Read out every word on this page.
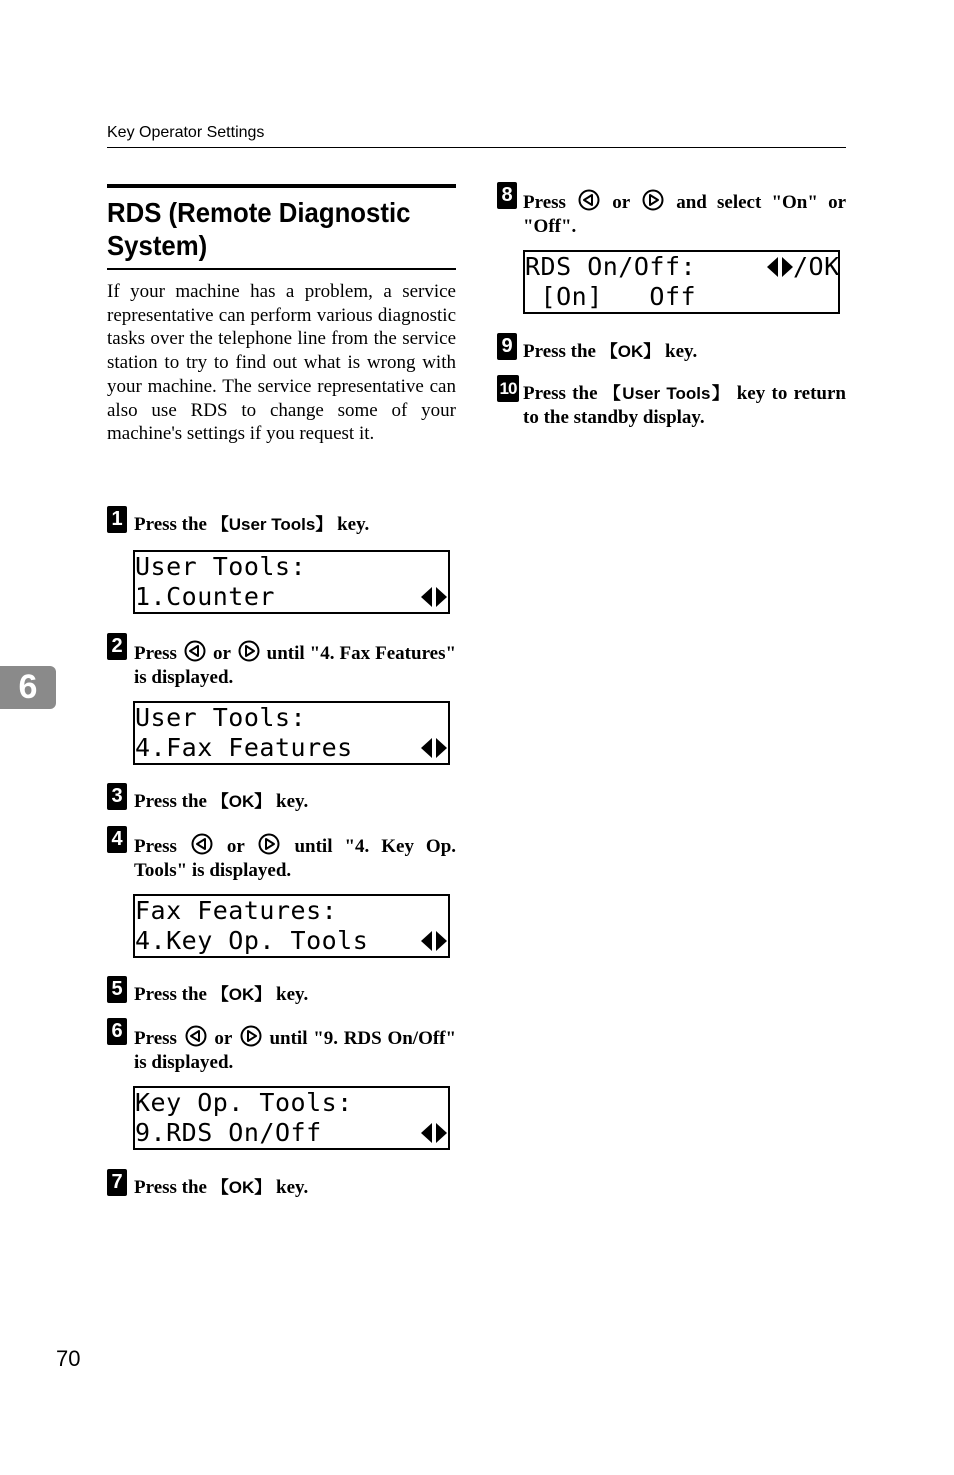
Key Operator Settings
RDS (Remote Diagnostic System)
If your machine has a problem, a service representative can perform various diagnostic tasks over the telephone line from the service station to try to find out what is wrong with your machine. The service representative can also use RDS to change some of your machine's settings if you request it.
1 Press the 【User Tools】 key.
User Tools:
1.Counter
2 Press or until "4. Fax Features" is displayed.
User Tools:
4.Fax Features
3 Press the 【OK】 key.
4 Press	or	until "4. Key Op. Tools" is displayed.
Fax Features:
4.Key Op. Tools
5 Press the 【OK】 key.
6 Press or until "9. RDS On/Off" is displayed.
Key Op. Tools:
9.RDS On/Off
7 Press the 【OK】 key.
8 Press or and select "On" or "Off".
RDS On/Off:	/OK
[On]   Off
9 Press the 【OK】 key.
10 Press the 【User Tools】 key to return to the standby display.
6
70
